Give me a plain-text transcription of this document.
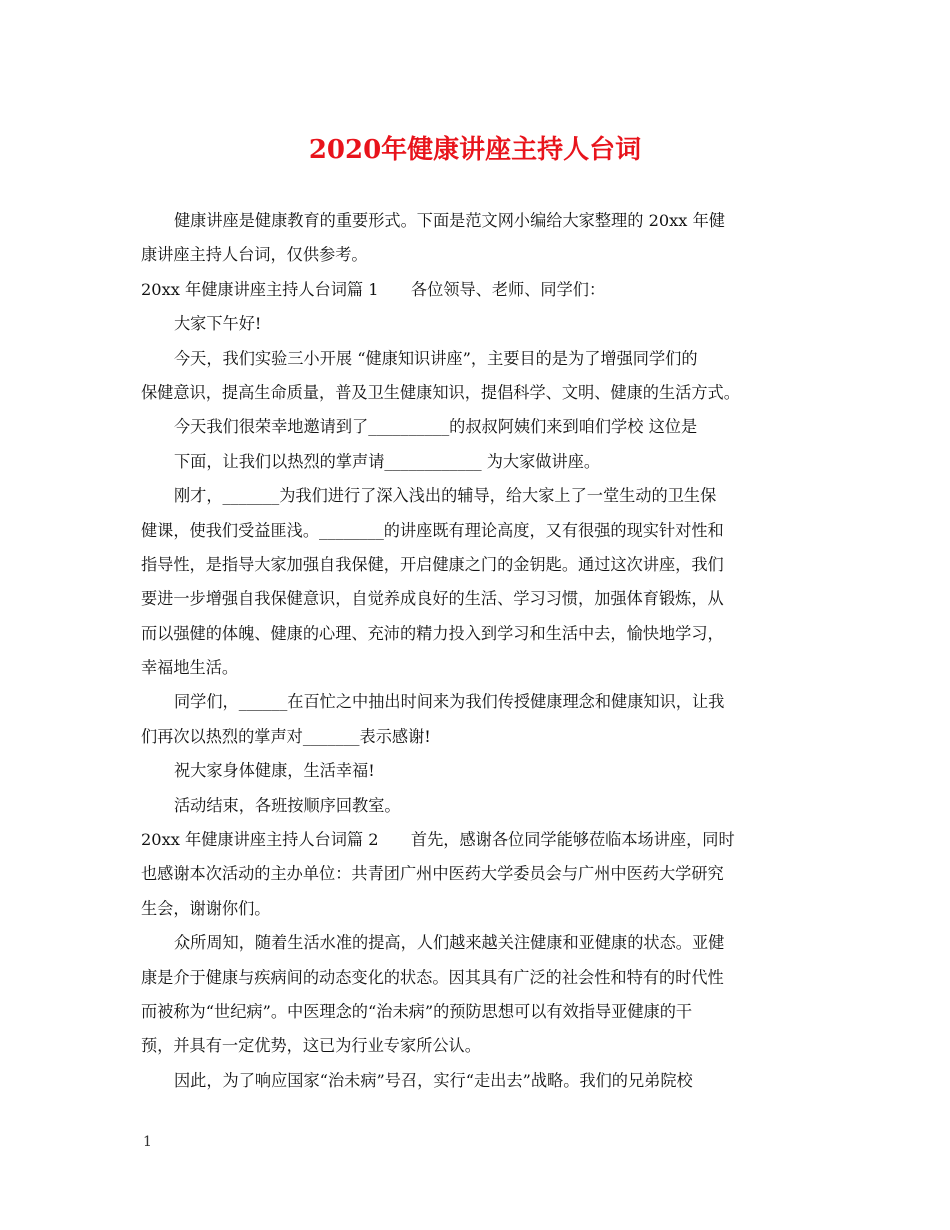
2020年健康讲座主持人台词
健康讲座是健康教育的重要形式。下面是范文网小编给大家整理的 20xx 年健
康讲座主持人台词，仅供参考。
20xx 年健康讲座主持人台词篇 1　　各位领导、老师、同学们：
大家下午好!
今天，我们实验三小开展 “健康知识讲座”，主要目的是为了增强同学们的
保健意识，提高生命质量，普及卫生健康知识，提倡科学、文明、健康的生活方式。
今天我们很荣幸地邀请到了__________的叔叔阿姨们来到咱们学校 这位是
下面，让我们以热烈的掌声请____________ 为大家做讲座。
刚才，_______为我们进行了深入浅出的辅导，给大家上了一堂生动的卫生保
健课，使我们受益匪浅。________的讲座既有理论高度，又有很强的现实针对性和
指导性，是指导大家加强自我保健，开启健康之门的金钥匙。通过这次讲座，我们
要进一步增强自我保健意识，自觉养成良好的生活、学习习惯，加强体育锻炼，从
而以强健的体魄、健康的心理、充沛的精力投入到学习和生活中去，愉快地学习，
幸福地生活。
同学们，______在百忙之中抽出时间来为我们传授健康理念和健康知识，让我
们再次以热烈的掌声对_______表示感谢!
祝大家身体健康，生活幸福!
活动结束，各班按顺序回教室。
20xx 年健康讲座主持人台词篇 2　　首先，感谢各位同学能够莅临本场讲座，同时
也感谢本次活动的主办单位：共青团广州中医药大学委员会与广州中医药大学研究
生会，谢谢你们。
众所周知，随着生活水准的提高，人们越来越关注健康和亚健康的状态。亚健
康是介于健康与疾病间的动态变化的状态。因其具有广泛的社会性和特有的时代性
而被称为“世纪病”。中医理念的“治未病”的预防思想可以有效指导亚健康的干
预，并具有一定优势，这已为行业专家所公认。
因此，为了响应国家“治未病”号召，实行“走出去”战略。我们的兄弟院校
1
